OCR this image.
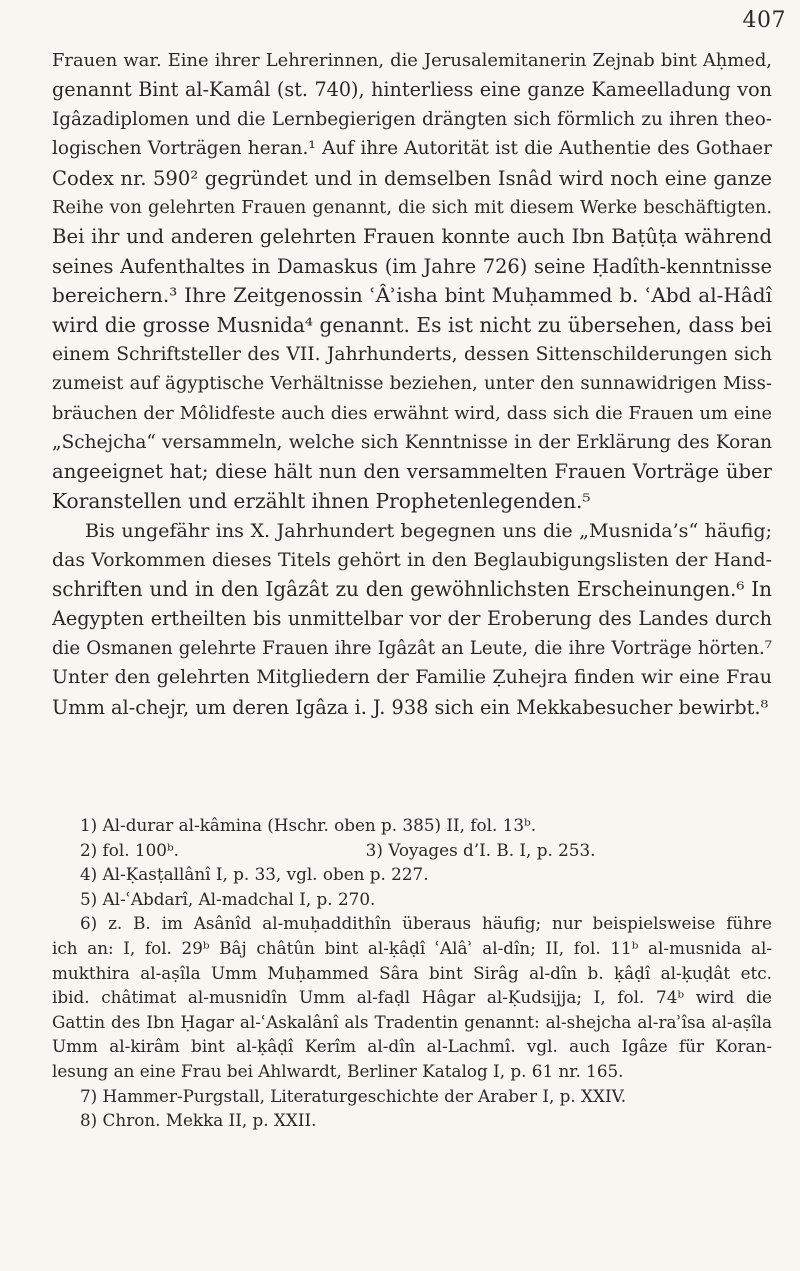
407
Frauen war. Eine ihrer Lehrerinnen, die Jerusalemitanerin Zejnab bint Aḥmed,
genannt Bint al-Kamâl (st. 740), hinterliess eine ganze Kameelladung von
Igâzadiplomen und die Lernbegierigen drängten sich förmlich zu ihren theo-
logischen Vorträgen heran.¹ Auf ihre Autorität ist die Authentie des Gothaer
Codex nr. 590² gegründet und in demselben Isnâd wird noch eine ganze
Reihe von gelehrten Frauen genannt, die sich mit diesem Werke beschäftigten.
Bei ihr und anderen gelehrten Frauen konnte auch Ibn Baṭûṭa während
seines Aufenthaltes in Damaskus (im Jahre 726) seine Ḥadîth-kenntnisse
bereichern.³ Ihre Zeitgenossin ʿÂʾisha bint Muḥammed b. ʿAbd al-Hâdî
wird die grosse Musnida⁴ genannt. Es ist nicht zu übersehen, dass bei
einem Schriftsteller des VII. Jahrhunderts, dessen Sittenschilderungen sich
zumeist auf ägyptische Verhältnisse beziehen, unter den sunnawidrigen Miss-
bräuchen der Môlidfeste auch dies erwähnt wird, dass sich die Frauen um eine
„Schejcha“ versammeln, welche sich Kenntnisse in der Erklärung des Koran
angeeignet hat; diese hält nun den versammelten Frauen Vorträge über
Koranstellen und erzählt ihnen Prophetenlegenden.⁵
Bis ungefähr ins X. Jahrhundert begegnen uns die „Musnida’s“ häufig;
das Vorkommen dieses Titels gehört in den Beglaubigungslisten der Hand-
schriften und in den Igâzât zu den gewöhnlichsten Erscheinungen.⁶ In
Aegypten ertheilten bis unmittelbar vor der Eroberung des Landes durch
die Osmanen gelehrte Frauen ihre Igâzât an Leute, die ihre Vorträge hörten.⁷
Unter den gelehrten Mitgliedern der Familie Ẓuhejra finden wir eine Frau
Umm al-chejr, um deren Igâza i. J. 938 sich ein Mekkabesucher bewirbt.⁸
1) Al-durar al-kâmina (Hschr. oben p. 385) II, fol. 13ᵇ.
2) fol. 100ᵇ.                                   3) Voyages d’I. B. I, p. 253.
4) Al-Ḳasṭallânî I, p. 33, vgl. oben p. 227.
5) Al-ʿAbdarî, Al-madchal I, p. 270.
6) z. B. im Asânîd al-muḥaddithîn überaus häufig; nur beispielsweise führe
ich an: I, fol. 29ᵇ Bâj châtûn bint al-ḳâḍî ʿAlâʾ al-dîn; II, fol. 11ᵇ al-musnida al-
mukthira al-aṣîla Umm Muḥammed Sâra bint Sirâg al-dîn b. ḳâḍî al-ḳuḍât etc.
ibid. châtimat al-musnidîn Umm al-faḍl Hâgar al-Ḳudsijja; I, fol. 74ᵇ wird die
Gattin des Ibn Ḥagar al-ʿAskalânî als Tradentin genannt: al-shejcha al-raʾîsa al-aṣîla
Umm al-kirâm bint al-ḳâḍî Kerîm al-dîn al-Lachmî. vgl. auch Igâze für Koran-
lesung an eine Frau bei Ahlwardt, Berliner Katalog I, p. 61 nr. 165.
7) Hammer-Purgstall, Literaturgeschichte der Araber I, p. XXIV.
8) Chron. Mekka II, p. XXII.
